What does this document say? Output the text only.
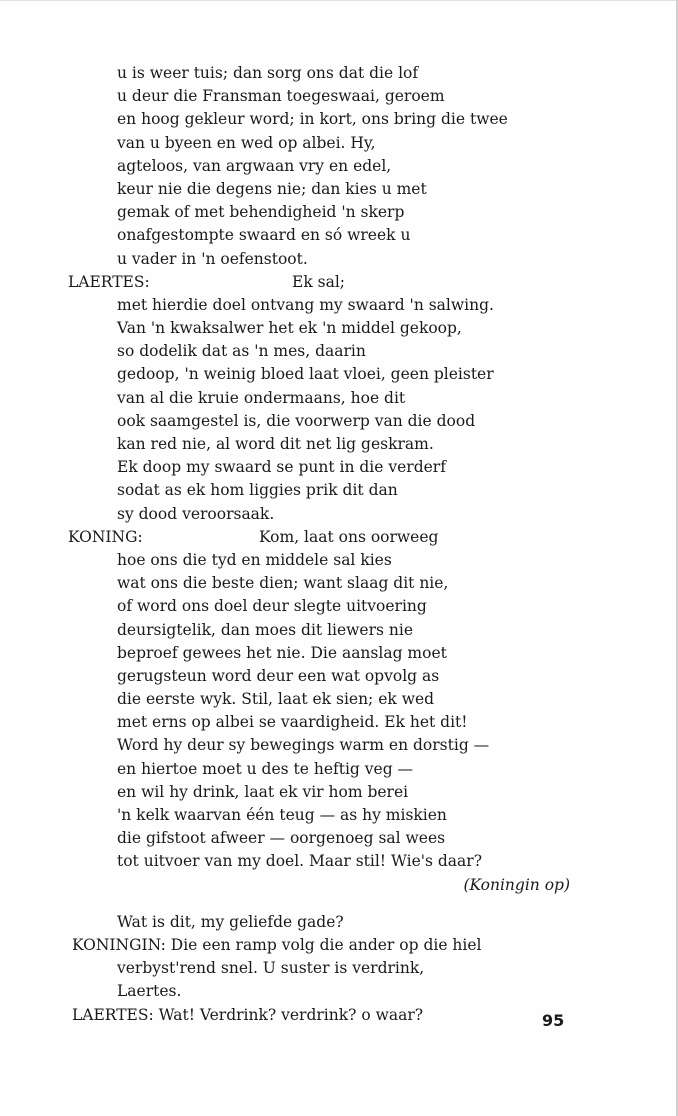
u is weer tuis; dan sorg ons dat die lof
u deur die Fransman toegeswaai, geroem
en hoog gekleur word; in kort, ons bring die twee
van u byeen en wed op albei. Hy,
agteloos, van argwaan vry en edel,
keur nie die degens nie; dan kies u met
gemak of met behendigheid 'n skerp
onafgestompte swaard en só wreek u
u vader in 'n oefenstoot.
LAERTES:	Ek sal;
met hierdie doel ontvang my swaard 'n salwing.
Van 'n kwaksalwer het ek 'n middel gekoop,
so dodelik dat as 'n mes, daarin
gedoop, 'n weinig bloed laat vloei, geen pleister
van al die kruie ondermaans, hoe dit
ook saamgestel is, die voorwerp van die dood
kan red nie, al word dit net lig geskram.
Ek doop my swaard se punt in die verderf
sodat as ek hom liggies prik dit dan
sy dood veroorsaak.
KONING:	Kom, laat ons oorweeg
hoe ons die tyd en middele sal kies
wat ons die beste dien; want slaag dit nie,
of word ons doel deur slegte uitvoering
deursigtelik, dan moes dit liewers nie
beproef gewees het nie. Die aanslag moet
gerugsteun word deur een wat opvolg as
die eerste wyk. Stil, laat ek sien; ek wed
met erns op albei se vaardigheid. Ek het dit!
Word hy deur sy bewegings warm en dorstig —
en hiertoe moet u des te heftig veg —
en wil hy drink, laat ek vir hom berei
'n kelk waarvan één teug — as hy miskien
die gifstoot afweer — oorgenoeg sal wees
tot uitvoer van my doel. Maar stil! Wie's daar?
(Koningin op)
Wat is dit, my geliefde gade?
KONINGIN: Die een ramp volg die ander op die hiel
verbyst'rend snel. U suster is verdrink,
Laertes.
LAERTES: Wat! Verdrink? verdrink? o waar?	95
